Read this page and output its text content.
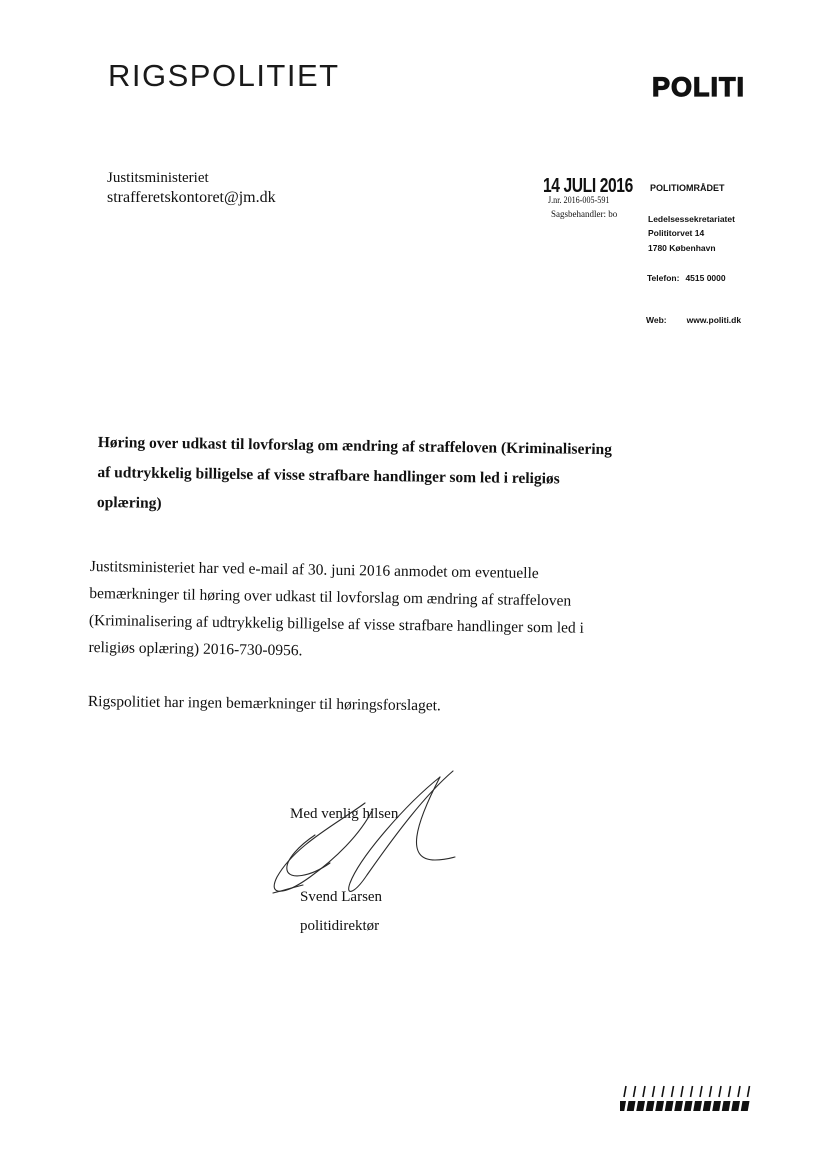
RIGSPOLITIET	POLITI
Justitsministeriet
strafferetskontoret@jm.dk
14 JULI 2016
J.nr. 2016-005-591
Sagsbehandler: bo
POLITIOMRÅDET
Ledelsessekretariatet
Polititorvet 14
1780 København
Telefon: 4515 0000
Web: www.politi.dk
Høring over udkast til lovforslag om ændring af straffeloven (Kriminalisering af udtrykkelig billigelse af visse strafbare handlinger som led i religiøs oplæring)
Justitsministeriet har ved e-mail af 30. juni 2016 anmodet om eventuelle bemærkninger til høring over udkast til lovforslag om ændring af straffeloven (Kriminalisering af udtrykkelig billigelse af visse strafbare handlinger som led i religiøs oplæring) 2016-730-0956.
Rigspolitiet har ingen bemærkninger til høringsforslaget.
Med venlig hilsen
Svend Larsen
politidirektør
